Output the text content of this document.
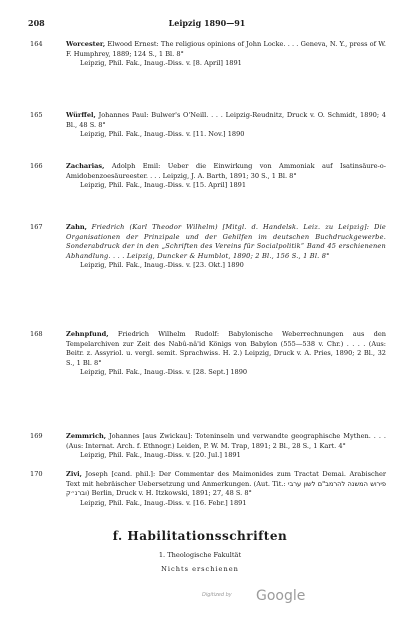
208	Leipzig 1890—91
164	Worcester, Elwood Ernest: The religious opinions of John Locke. . . . Geneva, N. Y., press of W. F. Humphrey, 1889; 124 S., 1 Bl. 8°
Leipzig, Phil. Fak., Inaug.-Diss. v. [8. April] 1891
165	Würffel, Johannes Paul: Bulwer's O'Neill. . . . Leipzig-Reudnitz, Druck v. O. Schmidt, 1890; 4 Bl., 48 S. 8°
Leipzig, Phil. Fak., Inaug.-Diss. v. [11. Nov.] 1890
166	Zacharias, Adolph Emil: Ueber die Einwirkung von Ammoniak auf Isatinsäure-o-Amidobenzoesäureester. . . . Leipzig, J. A. Barth, 1891; 30 S., 1 Bl. 8°
Leipzig, Phil. Fak., Inaug.-Diss. v. [15. April] 1891
167	Zahn, Friedrich (Karl Theodor Wilhelm) [Mitgl. d. Handelsk. Leiz. zu Leipzig]: Die Organisationen der Prinzipale und der Gehilfen im deutschen Buchdruckgewerbe. Sonderabdruck der in den „Schriften des Vereins für Socialpolitik“ Band 45 erschienenen Abhandlung. . . . Leipzig, Duncker & Humblot, 1890; 2 Bl., 156 S., 1 Bl. 8°
Leipzig, Phil. Fak., Inaug.-Diss. v. [23. Okt.] 1890
168	Zehnpfund, Friedrich Wilhelm Rudolf: Babylonische Weberrechnungen aus den Tempelarchiven zur Zeit des Nabû-nâ'id Königs von Babylon (555—538 v. Chr.) . . . . (Aus: Beitr. z. Assyriol. u. vergl. semit. Sprachwiss. H. 2.) Leipzig, Druck v. A. Pries, 1890; 2 Bl., 32 S., 1 Bl. 8°
Leipzig, Phil. Fak., Inaug.-Diss. v. [28. Sept.] 1890
169	Zemmrich, Johannes [aus Zwickau]: Toteninseln und verwandte geographische Mythen. . . . (Aus: Internat. Arch. f. Ethnogr.) Leiden, P. W. M. Trap, 1891; 2 Bl., 28 S., 1 Kart. 4°
Leipzig, Phil. Fak., Inaug.-Diss. v. [20. Jul.] 1891
170	Zivi, Joseph [cand. phil.]: Der Commentar des Maimonides zum Tractat Demai. Arabischer Text mit hebräischer Uebersetzung und Anmerkungen. (Aut. Tit.: פירוש המשנה להרמב"ם לשון ערבי וברנ״ק) Berlin, Druck v. H. Itzkowski, 1891; 27, 48 S. 8°
Leipzig, Phil. Fak., Inaug.-Diss. v. [16. Febr.] 1891
f. Habilitationsschriften
1. Theologische Fakultät
Nichts erschienen
Digitized by Google
